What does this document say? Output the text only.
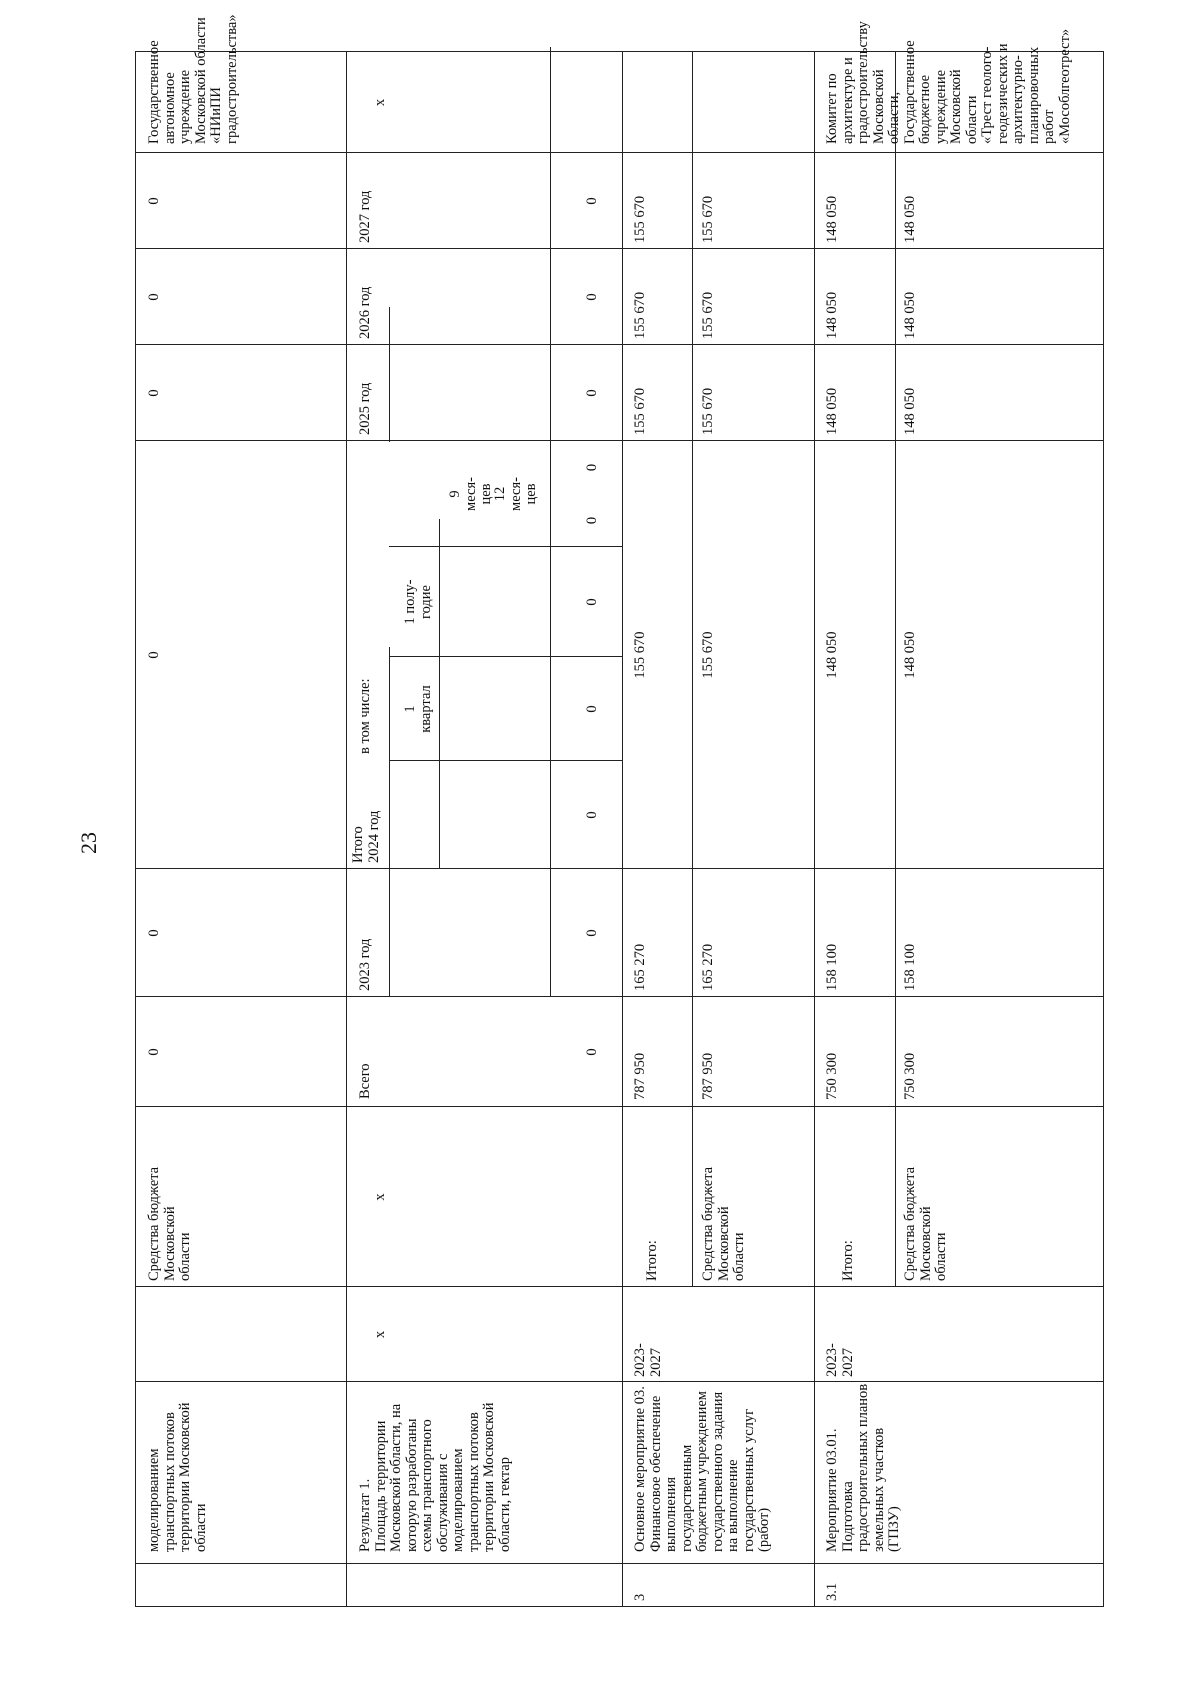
23
моделированием
транспортных потоков
территории Московской
области
Средства бюджета
Московской
области
0
0
0
0
0
0
Государственное
автономное
учреждение
Московской области
«НИиПИ
градостроительства»
Результат 1.
Площадь территории
Московской области, на
которую разработаны
схемы транспортного
обслуживания с
моделированием
транспортных потоков
территории Московской
области, гектар
х
х
Всего
2023 год
Итого
2024 год
в том числе: 1
квартал
1 полу-
годие
9
меся-
цев
12
меся-
цев
2025 год
2026 год
2027 год
х
0
0
0
0
0
0
0
0
0
0
3
Основное мероприятие 03.
Финансовое обеспечение
выполнения
государственным
бюджетным учреждением
государственного задания
на выполнение
государственных услуг
(работ)
2023-
2027
Итого:
787 950
165 270
155 670
155 670
155 670
155 670
Средства бюджета
Московской
области
787 950
165 270
155 670
155 670
155 670
155 670
3.1
Мероприятие 03.01.
Подготовка
градостроительных планов
земельных участков
(ГПЗУ)
2023-
2027
Итого:
750 300
158 100
148 050
148 050
148 050
148 050
Средства бюджета
Московской
области
750 300
158 100
148 050
148 050
148 050
148 050
Комитет по
архитектуре и
градостроительству
Московской области,
Государственное
бюджетное
учреждение
Московской области
«Трест геолого-
геодезических и
архитектурно-
планировочных работ
«Мособлгеотрест»
